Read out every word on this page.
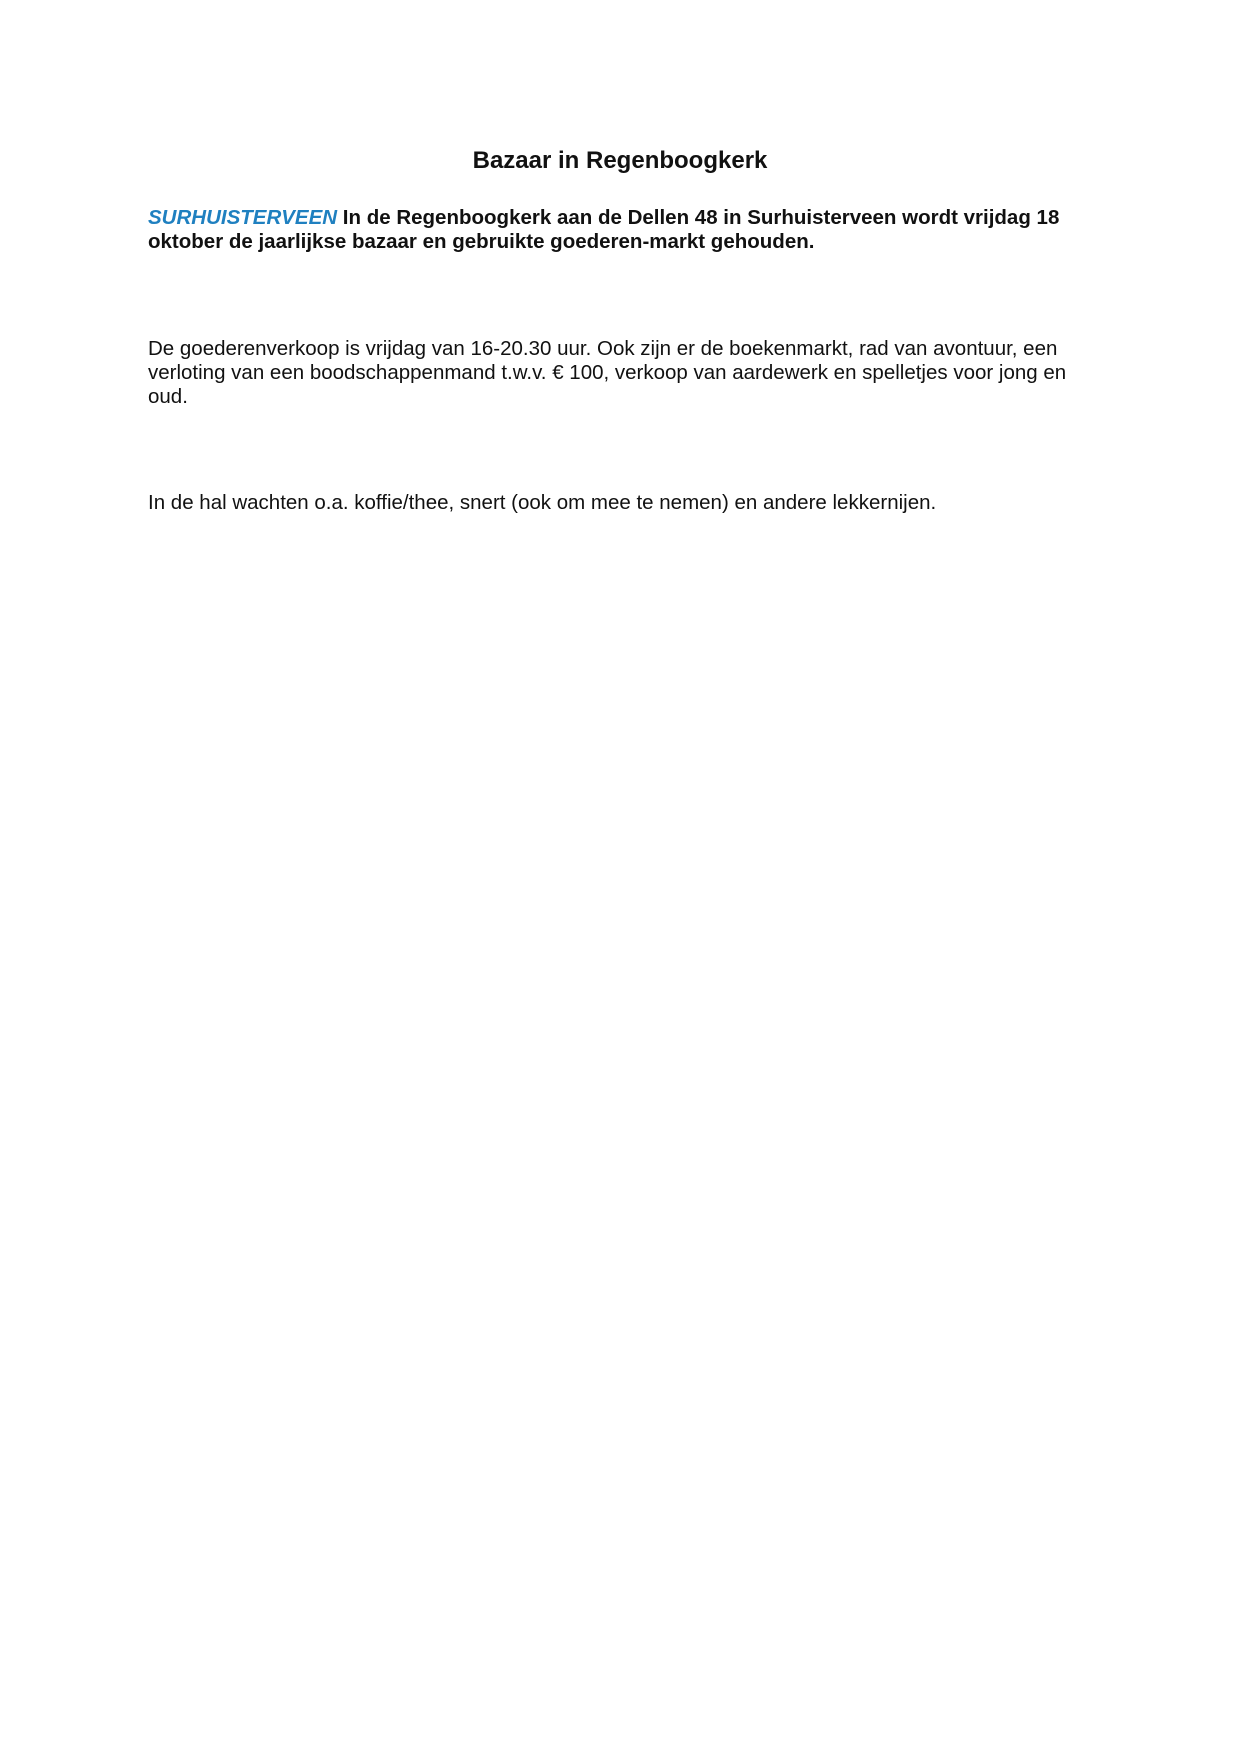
Bazaar in Regenboogkerk

SURHUISTERVEEN In de Regenboogkerk aan de Dellen 48 in Surhuisterveen wordt vrijdag 18 oktober de jaarlijkse bazaar en gebruikte goederen-markt gehouden.

De goederenverkoop is vrijdag van 16-20.30 uur. Ook zijn er de boekenmarkt, rad van avontuur, een verloting van een boodschappenmand t.w.v. € 100, verkoop van aardewerk en spelletjes voor jong en oud.

In de hal wachten o.a. koffie/thee, snert (ook om mee te nemen) en andere lekkernijen.
